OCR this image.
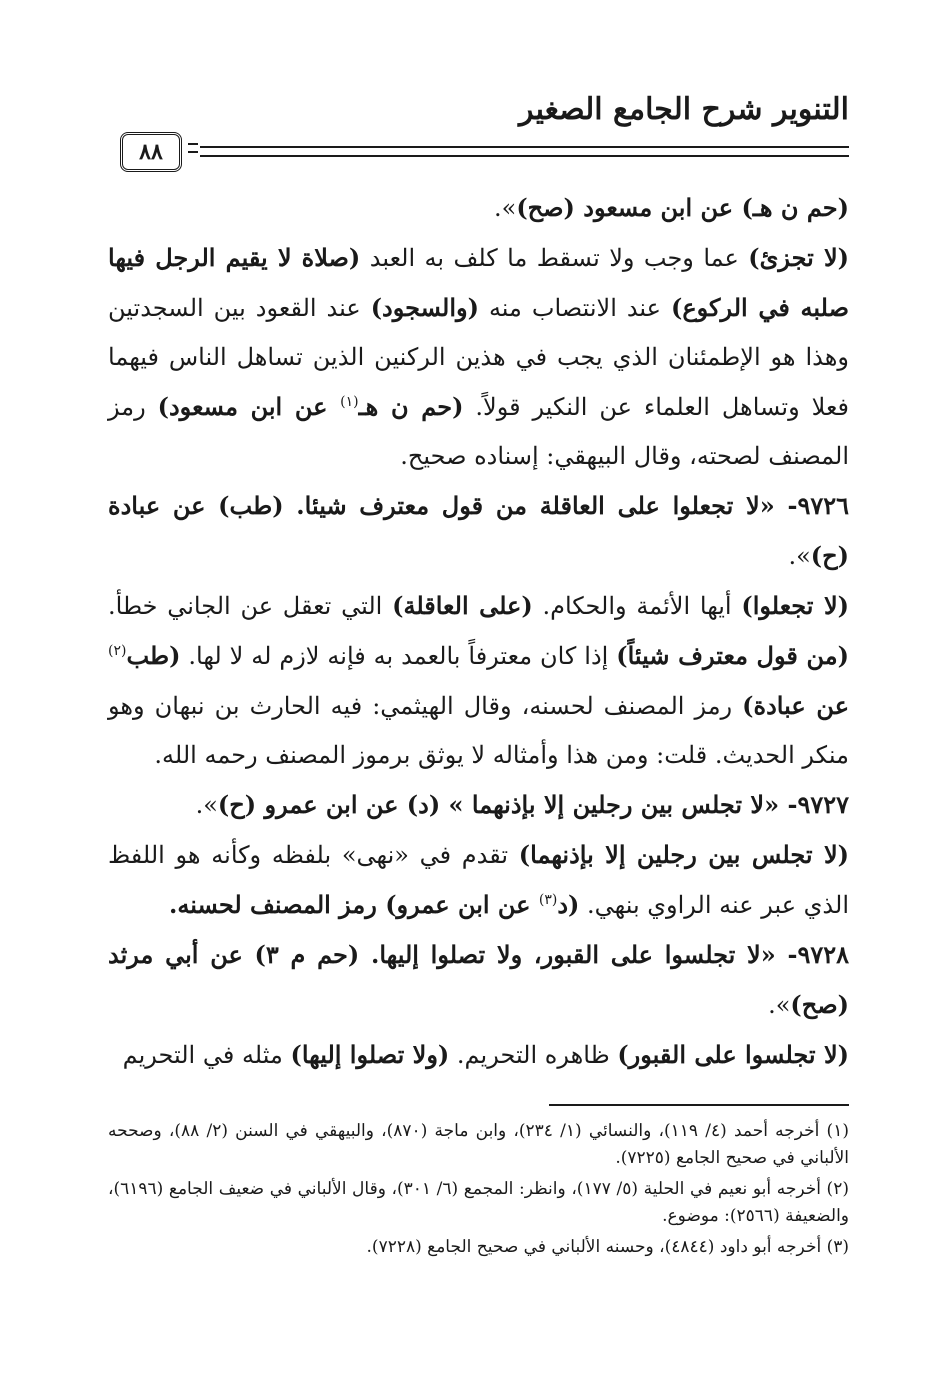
التنوير شرح الجامع الصغير
٨٨

(حم ن هـ) عن ابن مسعود (صح)».

(لا تجزئ) عما وجب ولا تسقط ما كلف به العبد (صلاة لا يقيم الرجل فيها صلبه في الركوع) عند الانتصاب منه (والسجود) عند القعود بين السجدتين وهذا هو الإطمئنان الذي يجب في هذين الركنين الذين تساهل الناس فيهما فعلا وتساهل العلماء عن النكير قولاً. (حم ن هـ$^{(١)}$ عن ابن مسعود) رمز المصنف لصحته، وقال البيهقي: إسناده صحيح.

٩٧٢٦- «لا تجعلوا على العاقلة من قول معترف شيئا. (طب) عن عبادة (ح)».

(لا تجعلوا) أيها الأئمة والحكام. (على العاقلة) التي تعقل عن الجاني خطأ. (من قول معترف شيئاً) إذا كان معترفاً بالعمد به فإنه لازم له لا لها. (طب$^{(٢)}$ عن عبادة) رمز المصنف لحسنه، وقال الهيثمي: فيه الحارث بن نبهان وهو منكر الحديث. قلت: ومن هذا وأمثاله لا يوثق برموز المصنف رحمه الله.

٩٧٢٧- «لا تجلس بين رجلين إلا بإذنهما » (د) عن ابن عمرو (ح)».

(لا تجلس بين رجلين إلا بإذنهما) تقدم في «نهى» بلفظه وكأنه هو اللفظ الذي عبر عنه الراوي بنهي. (د$^{(٣)}$ عن ابن عمرو) رمز المصنف لحسنه.

٩٧٢٨- «لا تجلسوا على القبور، ولا تصلوا إليها. (حم م ٣) عن أبي مرثد (صح)».

(لا تجلسوا على القبور) ظاهره التحريم. (ولا تصلوا إليها) مثله في التحريم

(١) أخرجه أحمد (٤/ ١١٩)، والنسائي (١/ ٢٣٤)، وابن ماجة (٨٧٠)، والبيهقي في السنن (٢/ ٨٨)، وصححه الألباني في صحيح الجامع (٧٢٢٥).

(٢) أخرجه أبو نعيم في الحلية (٥/ ١٧٧)، وانظر: المجمع (٦/ ٣٠١)، وقال الألباني في ضعيف الجامع (٦١٩٦)، والضعيفة (٢٥٦٦): موضوع.

(٣) أخرجه أبو داود (٤٨٤٤)، وحسنه الألباني في صحيح الجامع (٧٢٢٨).
